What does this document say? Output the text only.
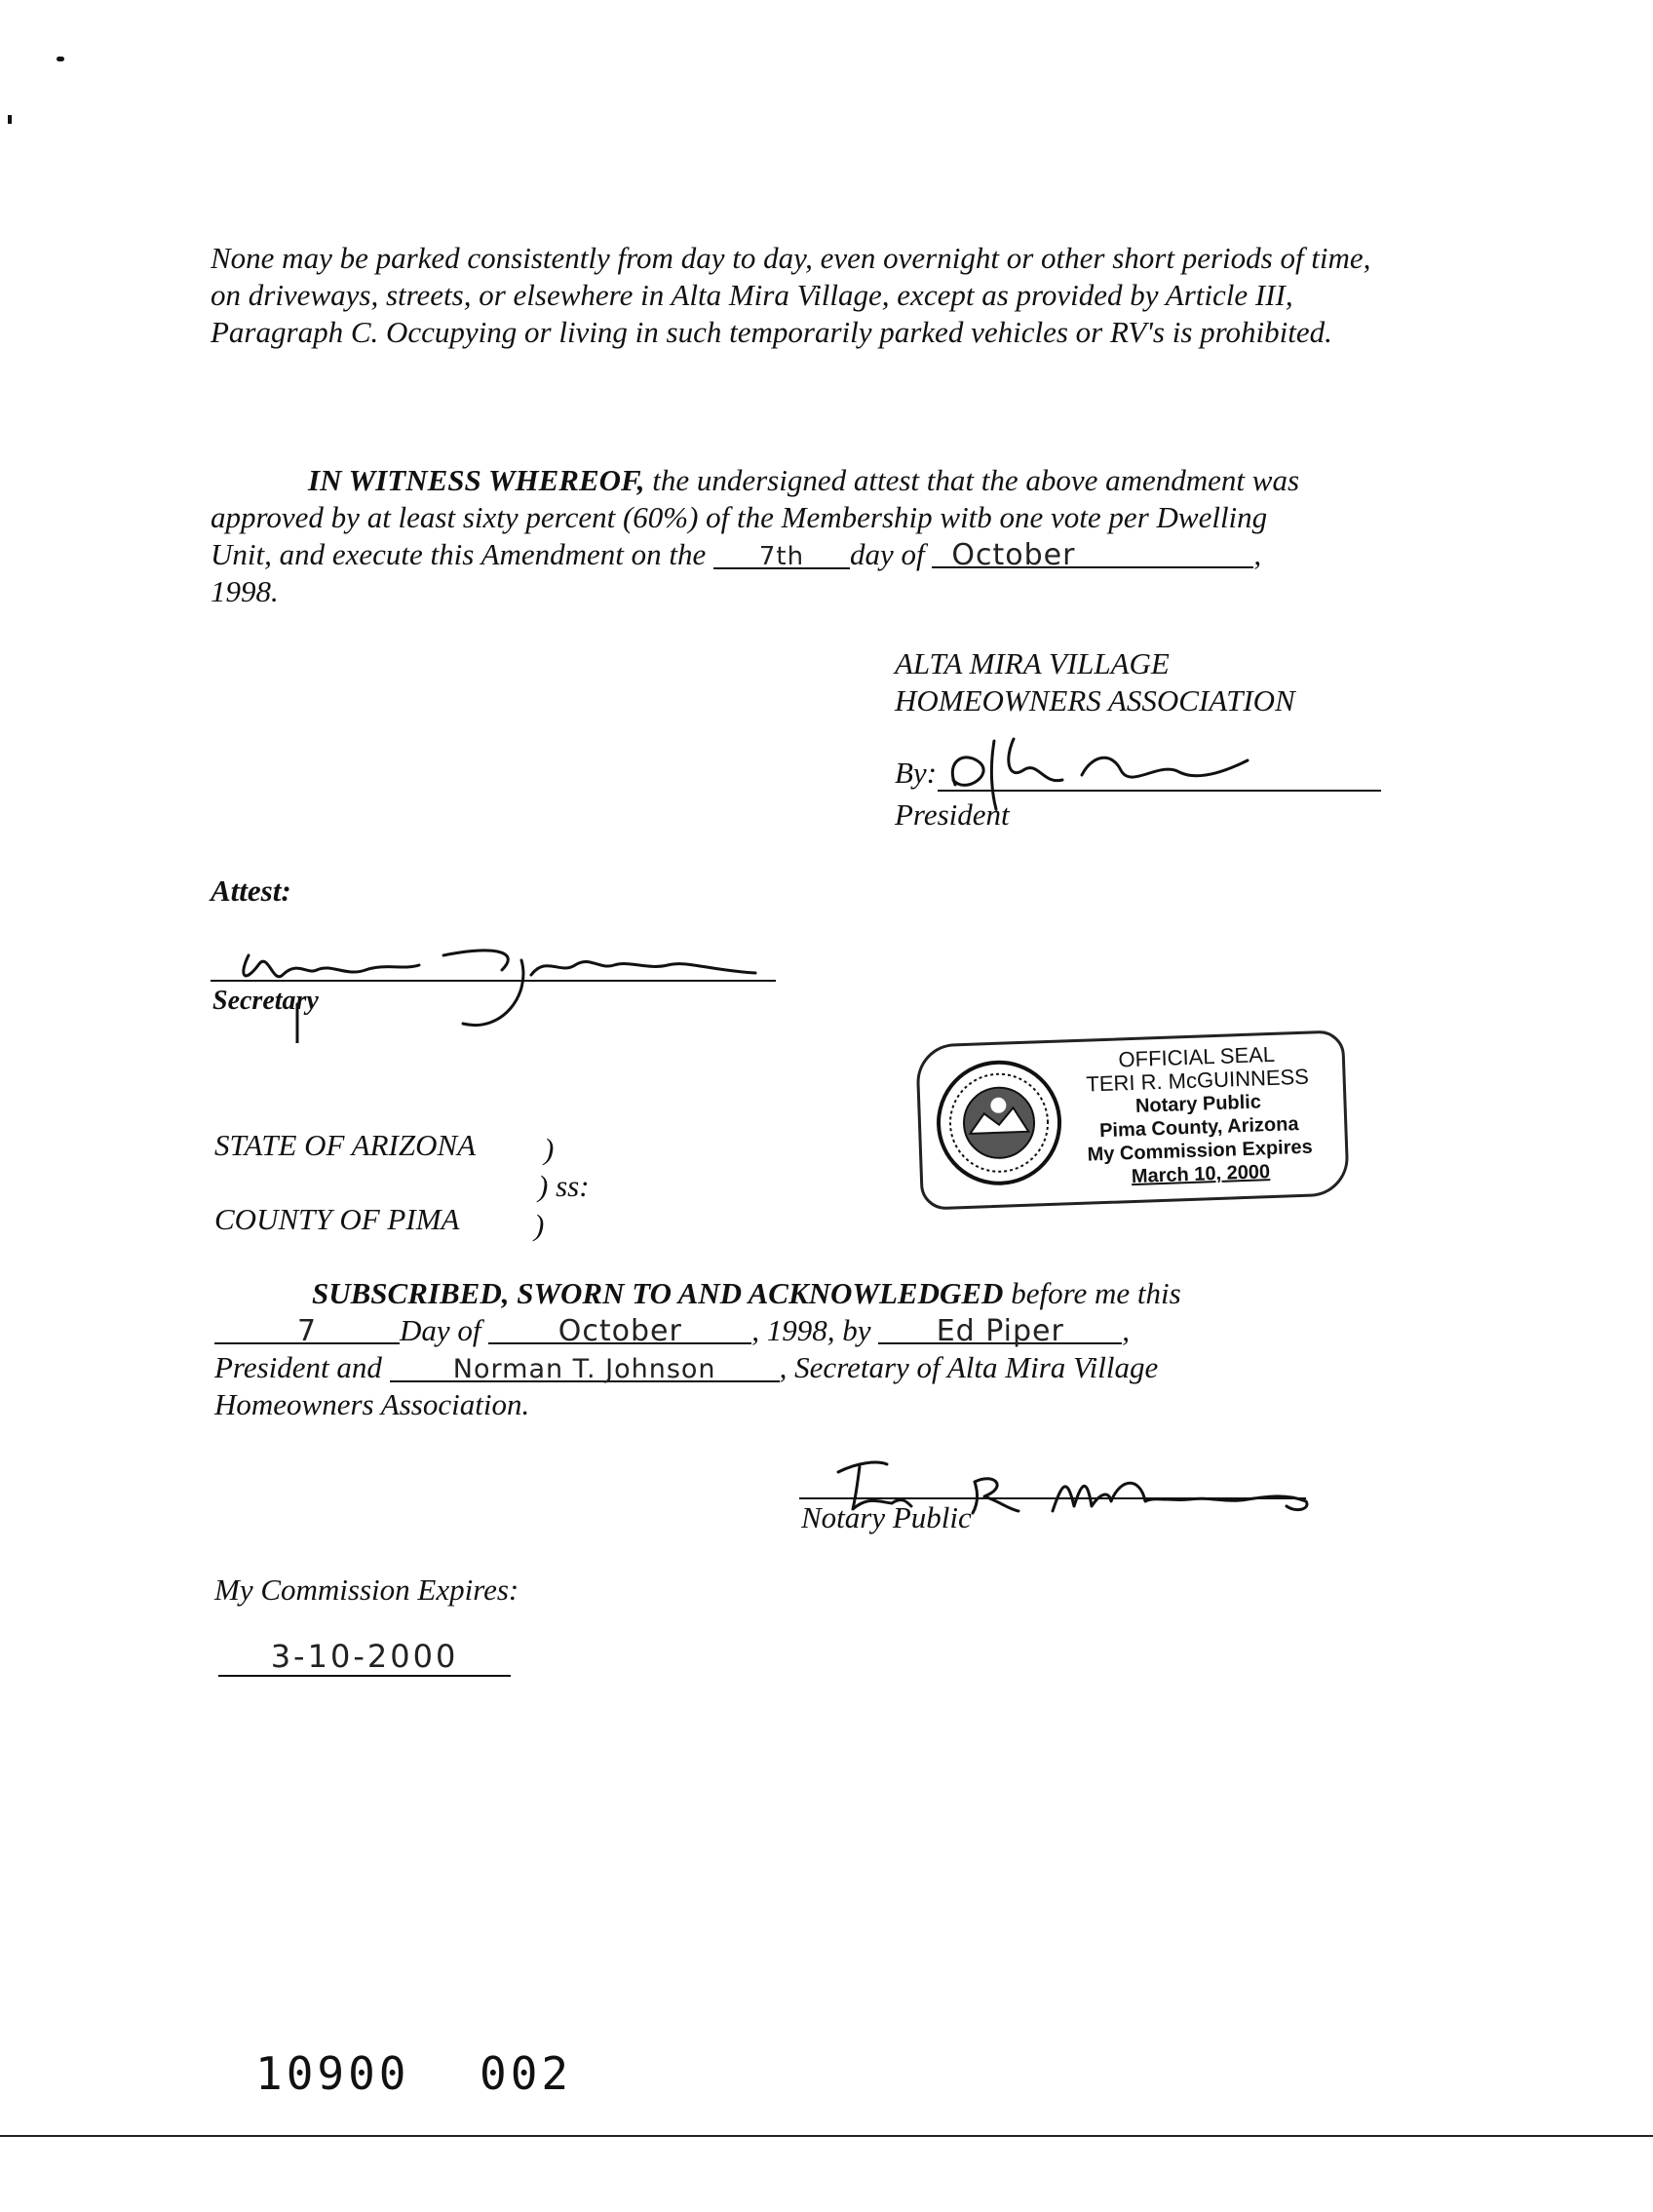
None may be parked consistently from day to day, even overnight or other short periods of time, on driveways, streets, or elsewhere in Alta Mira Village, except as provided by Article III, Paragraph C. Occupying or living in such temporarily parked vehicles or RV's is prohibited.
IN WITNESS WHEREOF, the undersigned attest that the above amendment was
approved by at least sixty percent (60%) of the Membership witb one vote per Dwelling
Unit, and execute this Amendment on the 7th day of October	,
1998.
ALTA MIRA VILLAGE
HOMEOWNERS ASSOCIATION
By:
President
Attest:
Secretary
OFFICIAL SEAL
TERI R. McGUINNESS
Notary Public
Pima County, Arizona
My Commission Expires
March 10, 2000
STATE OF ARIZONA )
) ss:
COUNTY OF PIMA )
SUBSCRIBED, SWORN TO AND ACKNOWLEDGED before me this
7	Day of	October , 1998, by Ed Piper ,
President and	Norman T. Johnson , Secretary of Alta Mira Village
Homeowners Association.
Notary Public
My Commission Expires:
3-10-2000
10900 002
